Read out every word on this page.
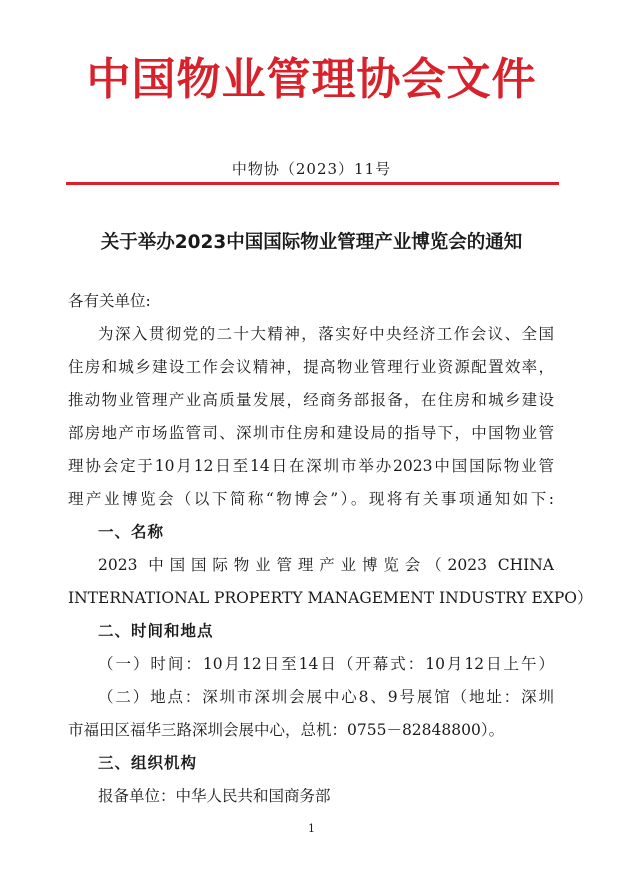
中国物业管理协会文件
中物协（2023）11号
关于举办2023中国国际物业管理产业博览会的通知
各有关单位:
为深入贯彻党的二十大精神，落实好中央经济工作会议、全国
住房和城乡建设工作会议精神，提高物业管理行业资源配置效率，
推动物业管理产业高质量发展，经商务部报备，在住房和城乡建设
部房地产市场监管司、深圳市住房和建设局的指导下，中国物业管
理协会定于10月12日至14日在深圳市举办2023中国国际物业管
理产业博览会（以下简称“物博会”）。现将有关事项通知如下:
一、名称
2023 中国国际物业管理产业博览会（2023 CHINA
INTERNATIONAL PROPERTY MANAGEMENT INDUSTRY EXPO）
二、时间和地点
（一）时间：10月12日至14日（开幕式：10月12日上午）
（二）地点：深圳市深圳会展中心8、9号展馆（地址：深圳
市福田区福华三路深圳会展中心，总机：0755－82848800）。
三、组织机构
报备单位：中华人民共和国商务部
1
